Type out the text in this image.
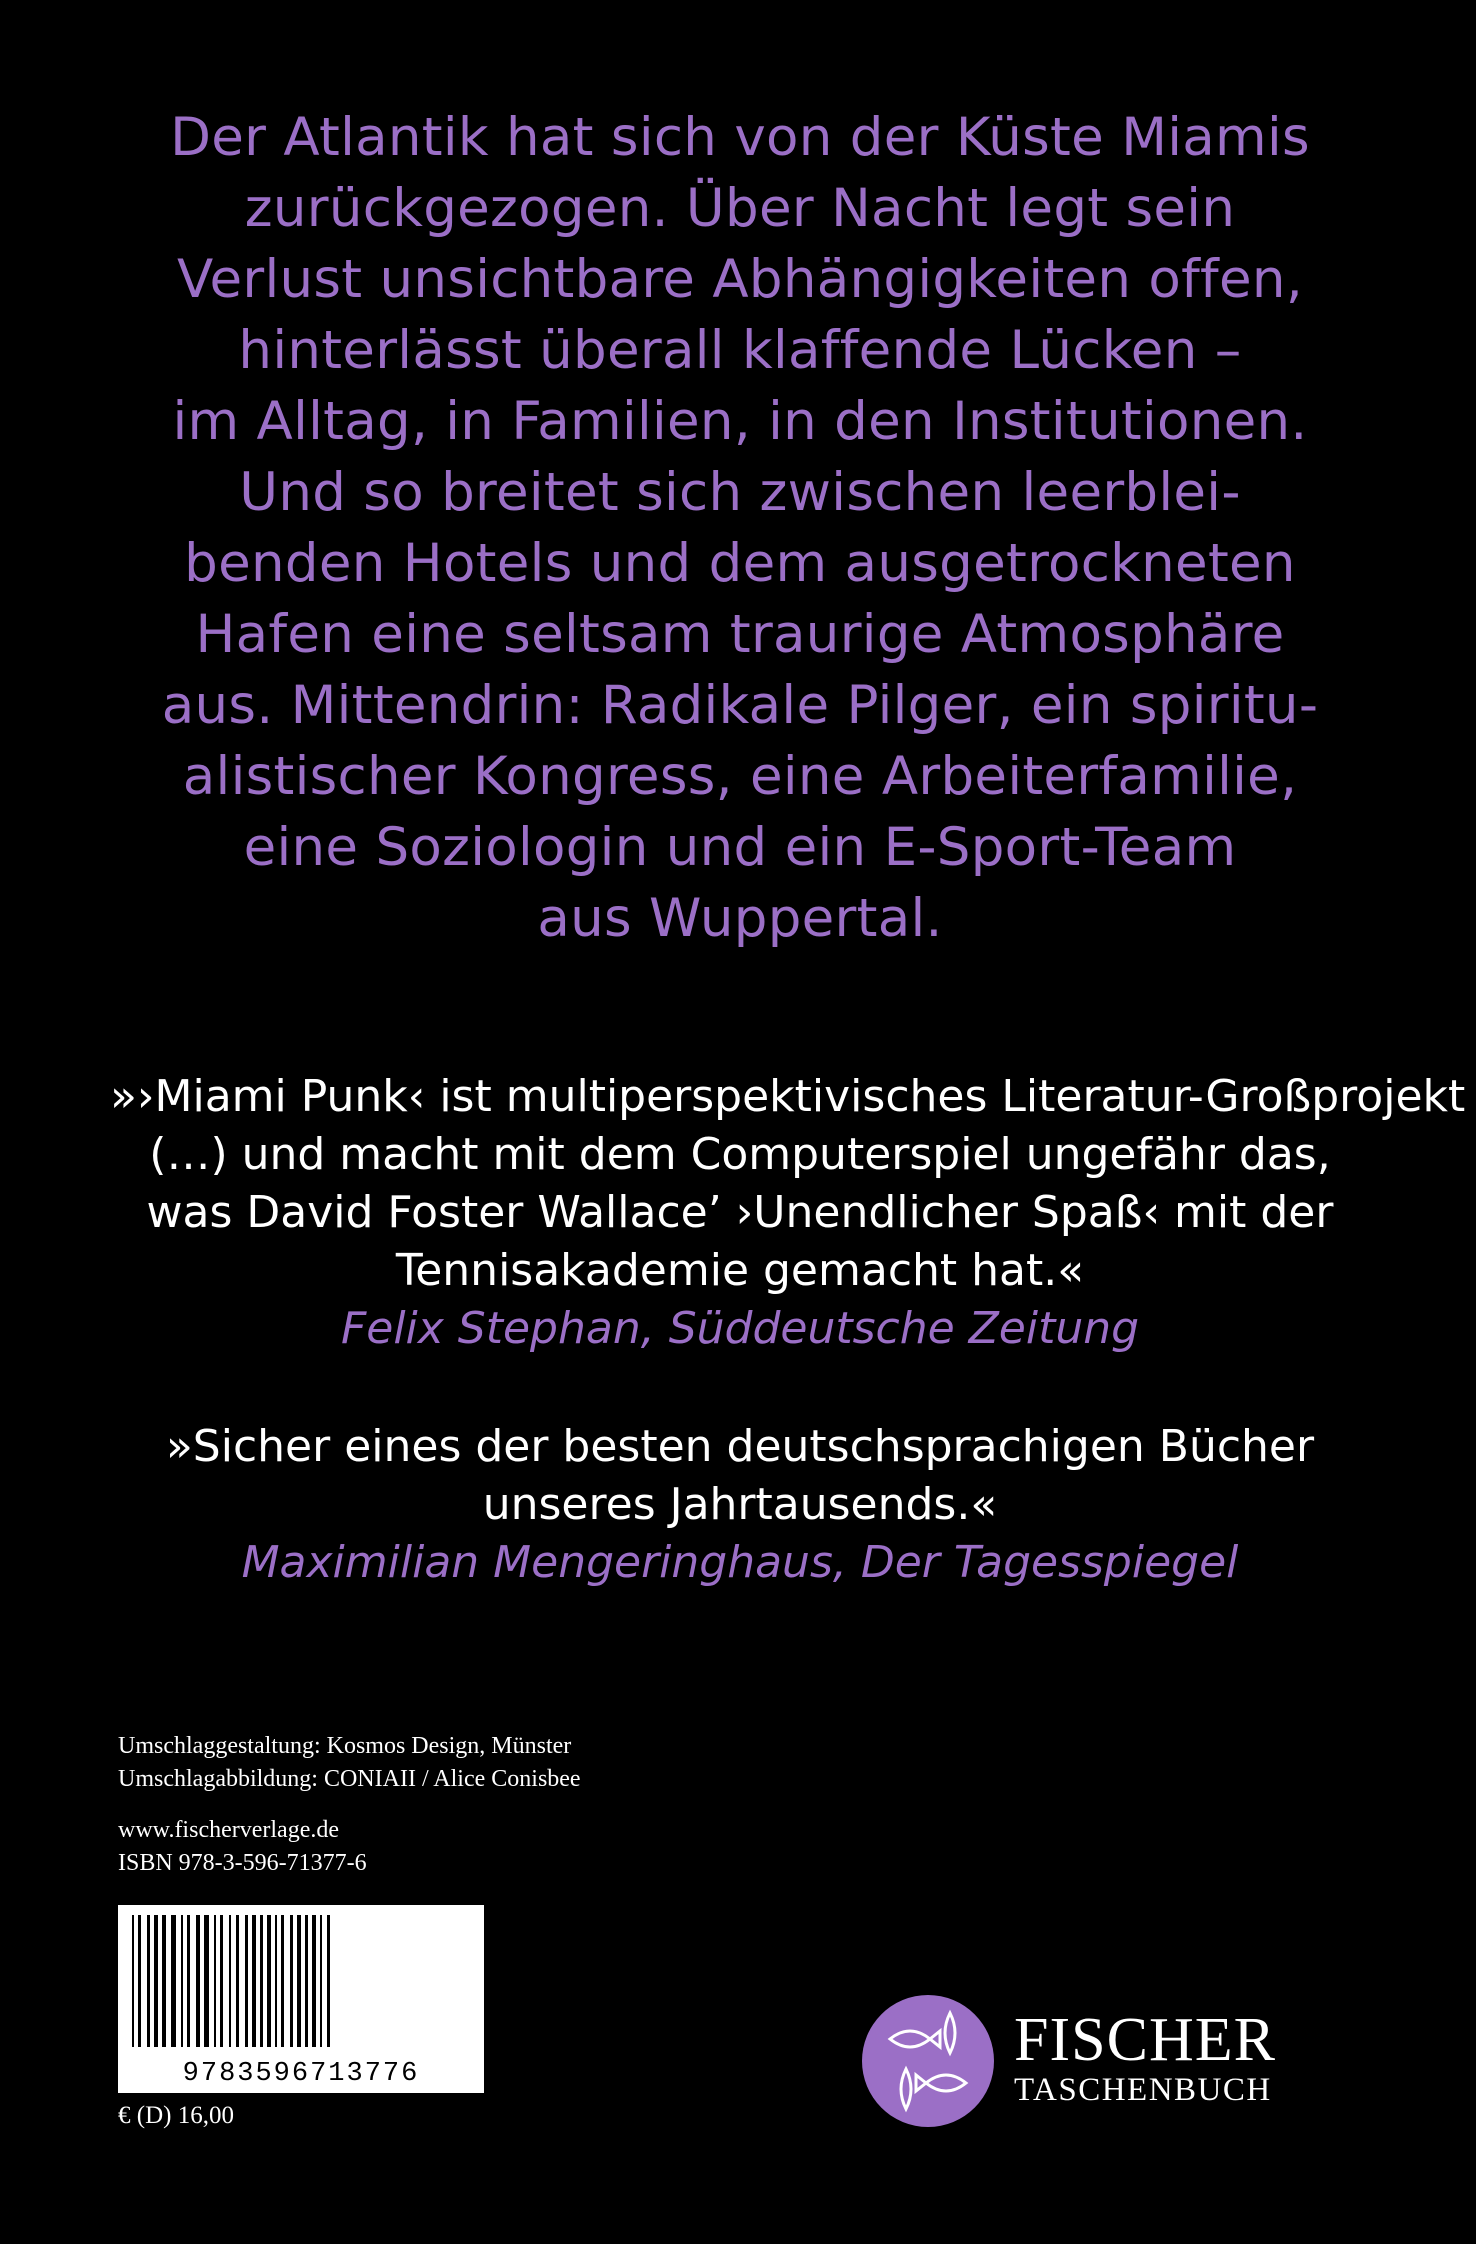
Der Atlantik hat sich von der Küste Miamis
zurückgezogen. Über Nacht legt sein
Verlust unsichtbare Abhängigkeiten offen,
hinterlässt überall klaffende Lücken –
im Alltag, in Familien, in den Institutionen.
Und so breitet sich zwischen leerblei-
benden Hotels und dem ausgetrockneten
Hafen eine seltsam traurige Atmosphäre
aus. Mittendrin: Radikale Pilger, ein spiritu-
alistischer Kongress, eine Arbeiterfamilie,
eine Soziologin und ein E-Sport-Team
aus Wuppertal.
»›Miami Punk‹ ist multiperspektivisches Literatur-Großprojekt
(…) und macht mit dem Computerspiel ungefähr das,
was David Foster Wallace’ ›Unendlicher Spaß‹ mit der
Tennisakademie gemacht hat.«
Felix Stephan, Süddeutsche Zeitung
»Sicher eines der besten deutschsprachigen Bücher
unseres Jahrtausends.«
Maximilian Mengeringhaus, Der Tagesspiegel
Umschlaggestaltung: Kosmos Design, Münster
Umschlagabbildung: CONIAII / Alice Conisbee
www.fischerverlage.de
ISBN 978-3-596-71377-6
9783596713776
€ (D) 16,00
FISCHER
TASCHENBUCH
